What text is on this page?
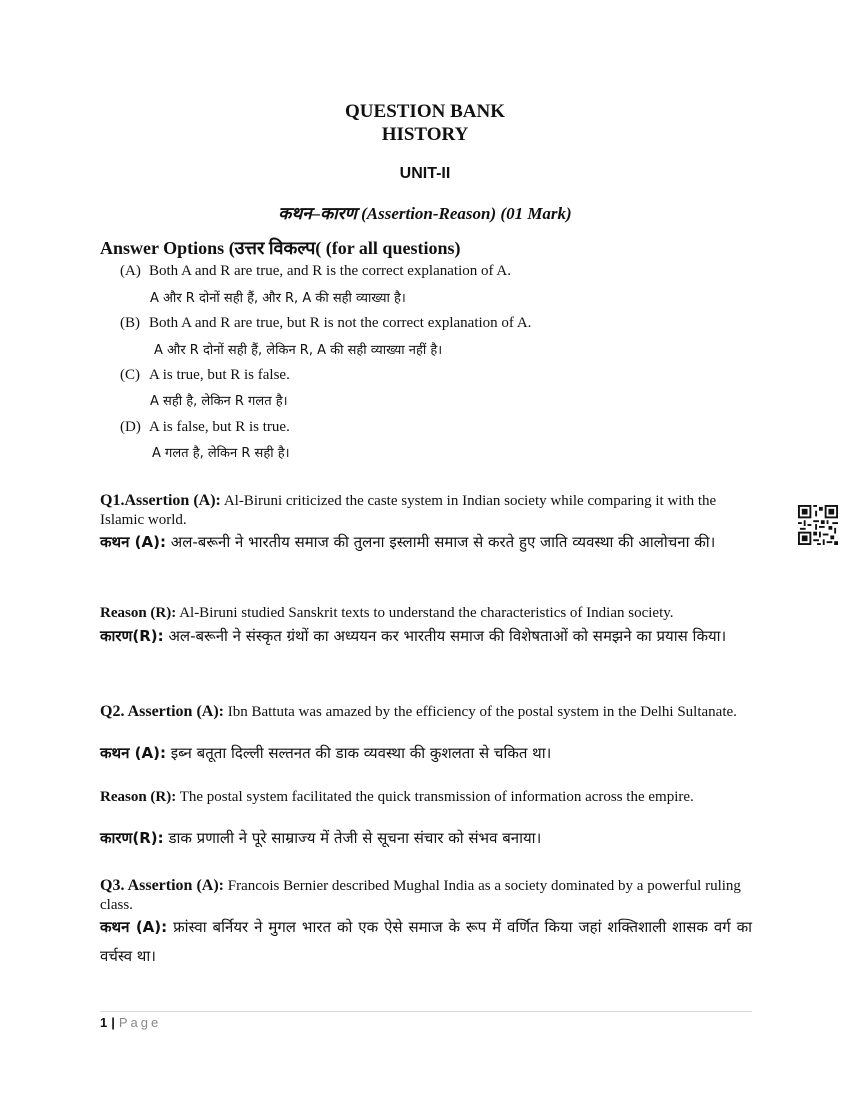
QUESTION BANK
HISTORY
UNIT-II
कथन–कारण (Assertion-Reason) (01 Mark)
Answer Options (उत्तर विकल्प( (for all questions)
(A) Both A and R are true, and R is the correct explanation of A.
A और R दोनों सही हैं, और R, A की सही व्याख्या है।
(B) Both A and R are true, but R is not the correct explanation of A.
A और R दोनों सही हैं, लेकिन R, A की सही व्याख्या नहीं है।
(C) A is true, but R is false.
A सही है, लेकिन R गलत है।
(D) A is false, but R is true.
A गलत है, लेकिन R सही है।
Q1.Assertion (A): Al-Biruni criticized the caste system in Indian society while comparing it with the Islamic world.
कथन (A): अल-बरूनी ने भारतीय समाज की तुलना इस्लामी समाज से करते हुए जाति व्यवस्था की आलोचना की।
Reason (R): Al-Biruni studied Sanskrit texts to understand the characteristics of Indian society.
कारण(R): अल-बरूनी ने संस्कृत ग्रंथों का अध्ययन कर भारतीय समाज की विशेषताओं को समझने का प्रयास किया।
Q2. Assertion (A): Ibn Battuta was amazed by the efficiency of the postal system in the Delhi Sultanate.
कथन (A): इब्न बतूता दिल्ली सल्तनत की डाक व्यवस्था की कुशलता से चकित था।
Reason (R): The postal system facilitated the quick transmission of information across the empire.
कारण(R): डाक प्रणाली ने पूरे साम्राज्य में तेजी से सूचना संचार को संभव बनाया।
Q3. Assertion (A): Francois Bernier described Mughal India as a society dominated by a powerful ruling class.
कथन (A): फ्रांस्वा बर्नियर ने मुगल भारत को एक ऐसे समाज के रूप में वर्णित किया जहां शक्तिशाली शासक वर्ग का वर्चस्व था।
1 | Page
